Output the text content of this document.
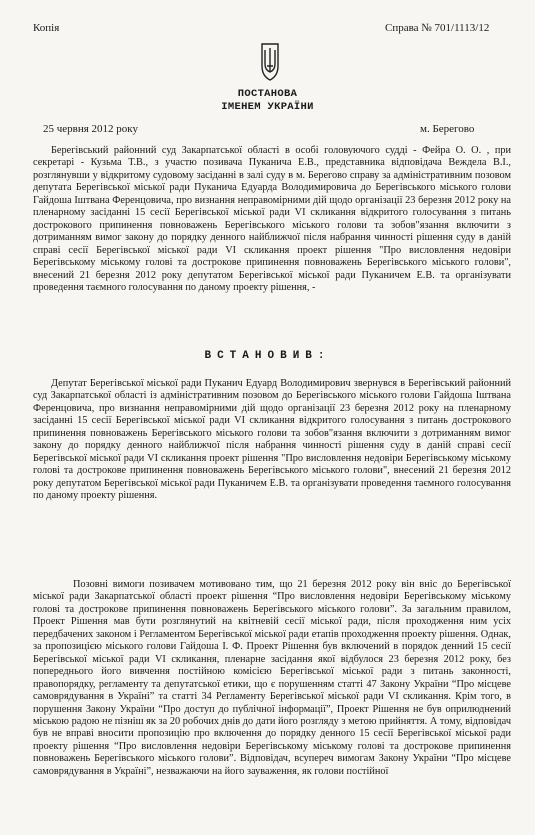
Копія	Справа № 701/1113/12
ПОСТАНОВА
ІМЕНЕМ УКРАЇНИ
25 червня 2012 року	м. Берегово
Берегівський районний суд Закарпатської області в особі головуючого судді - Фейра О. О. , при секретарі - Кузьма Т.В., з участю позивача Пуканича Е.В., представника відповідача Вежделa В.І., розглянувши у відкритому судовому засіданні в залі суду в м. Берегово справу за адміністративним позовом депутата Берегівської міської ради Пуканича Едуарда Володимировича до Берегівського міського голови Гайдоша Іштвана Ференцовича, про визнання неправомірними дій щодо організації 23 березня 2012 року на пленарному засіданні 15 сесії Берегівської міської ради VI скликання відкритого голосування з питань дострокового припинення повноважень Берегівського міського голови та зобов"язання включити з дотриманням вимог закону до порядку денного найближчої після набрання чинності рішення суду в даній справі сесії Берегівської міської ради VI скликання проект рішення "Про висловлення недовіри Берегівському міському голові та дострокове припинення повноважень Берегівського міського голови", внесений 21 березня 2012 року депутатом Берегівської міської ради Пуканичем Е.В. та організувати проведення таємного голосування по даному проекту рішення, -
ВСТАНОВИВ:
Депутат Берегівської міської ради Пуканич Едуард Володимирович звернувся в Берегівський районний суд Закарпатської області із адміністративним позовом до Берегівського міського голови Гайдоша Іштвана Ференцовича, про визнання неправомірними дій щодо організації 23 березня 2012 року на пленарному засіданні 15 сесії Берегівської міської ради VI скликання відкритого голосування з питань дострокового припинення повноважень Берегівського міського голови та зобов"язання включити з дотриманням вимог закону до порядку денного найближчої після набрання чинності рішення суду в даній справі сесії Берегівської міської ради VI скликання проект рішення "Про висловлення недовіри Берегівському міському голові та дострокове припинення повноважень Берегівського міського голови", внесений 21 березня 2012 року депутатом Берегівської міської ради Пуканичем Е.В. та організувати проведення таємного голосування по даному проекту рішення.
Позовні вимоги позивачем мотивовано тим, що 21 березня 2012 року він вніс до Берегівської міської ради Закарпатської області проект рішення “Про висловлення недовіри Берегівському міському голові та дострокове припинення повноважень Берегівського міського голови”. За загальним правилом, Проект Рішення мав бути розглянутий на квітневій сесії міської ради, після проходження ним усіх передбачених законом і Регламентом Берегівської міської ради етапів проходження проекту рішення. Однак, за пропозицією міського голови Гайдоша І. Ф. Проект Рішення був включений в порядок денний 15 сесії Берегівської міської ради VI скликання, пленарне засідання якої відбулося 23 березня 2012 року, без попереднього його вивчення постійною комісією Берегівської міської ради з питань законності, правопорядку, регламенту та депутатської етики, що є порушенням статті 47 Закону України “Про місцеве самоврядування в Україні” та статті 34 Регламенту Берегівської міської ради VI скликання. Крім того, в порушення Закону України “Про доступ до публічної інформації”, Проект Рішення не був оприлюднений міською радою не пізніш як за 20 робочих днів до дати його розгляду з метою прийняття. А тому, відповідач був не вправі вносити пропозицію про включення до порядку денного 15 сесії Берегівської міської ради проекту рішення “Про висловлення недовіри Берегівському міському голові та дострокове припинення повноважень Берегівського міського голови”. Відповідач, всупереч вимогам Закону України “Про місцеве самоврядування в Україні”, незважаючи на його зауваження, як голови постійної
